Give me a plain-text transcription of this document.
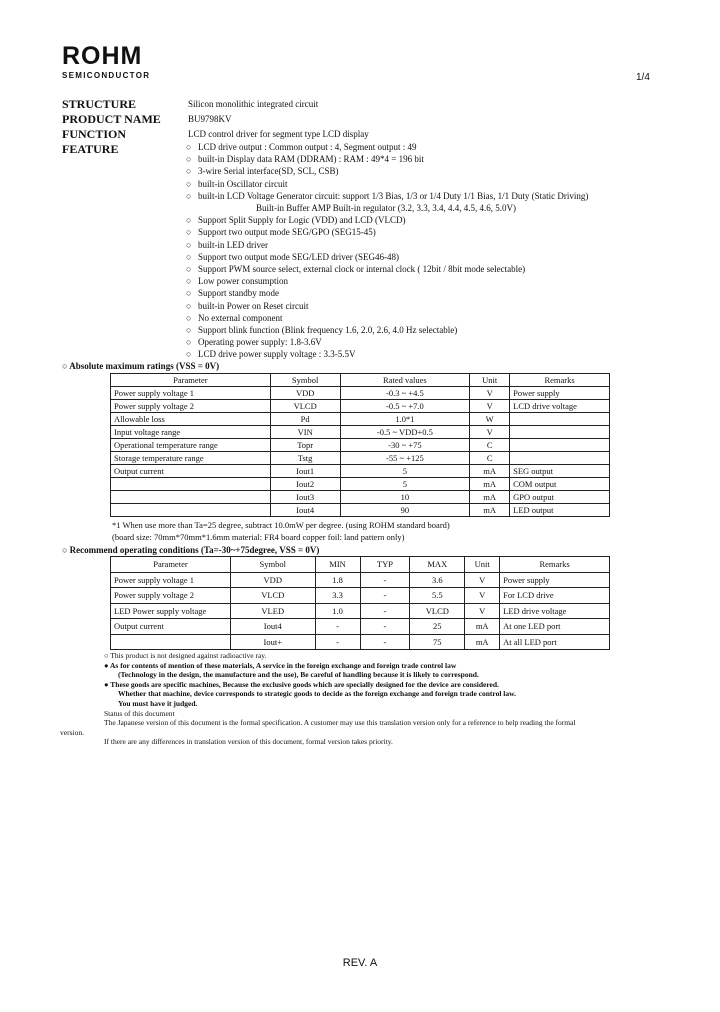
ROHM
SEMICONDUCTOR	1/4
STRUCTURE	Silicon monolithic integrated circuit
PRODUCT NAME	BU9798KV
FUNCTION	LCD control driver for segment type LCD display
FEATURE	○ LCD drive output : Common output : 4, Segment output : 49
○ built-in Display data RAM (DDRAM) : RAM : 49*4 = 196 bit
○ 3-wire Serial interface(SD, SCL, CSB)
○ built-in Oscillator circuit
○ built-in LCD Voltage Generator circuit: support 1/3 Bias, 1/3 or 1/4 Duty 1/1 Bias, 1/1 Duty (Static Driving)
Built-in Buffer AMP Built-in regulator (3.2, 3.3, 3.4, 4.4, 4.5, 4.6, 5.0V)
○ Support Split Supply for Logic (VDD) and LCD (VLCD)
○ Support two output mode SEG/GPO (SEG15-45)
○ built-in LED driver
○ Support two output mode SEG/LED driver (SEG46-48)
○ Support PWM source select, external clock or internal clock ( 12bit / 8bit mode selectable)
○ Low power consumption
○ Support standby mode
○ built-in Power on Reset circuit
○ No external component
○ Support blink function (Blink frequency 1.6, 2.0, 2.6, 4.0 Hz selectable)
○ Operating power supply: 1.8-3.6V
○ LCD drive power supply voltage : 3.3-5.5V
○ Absolute maximum ratings (VSS = 0V)
Parameter	Symbol	Rated values	Unit	Remarks
Power supply voltage 1	VDD	-0.3 ~ +4.5	V	Power supply
Power supply voltage 2	VLCD	-0.5 ~ +7.0	V	LCD drive voltage
Allowable loss	Pd	1.0*1	W	
Input voltage range	VIN	-0.5 ~ VDD+0.5	V	
Operational temperature range	Topr	-30 ~ +75	C	
Storage temperature range	Tstg	-55 ~ +125	C	
Output current	Iout1	5	mA	SEG output
	Iout2	5	mA	COM output
	Iout3	10	mA	GPO output
	Iout4	90	mA	LED output
*1 When use more than Ta=25 degree, subtract 10.0mW per degree. (using ROHM standard board)
(board size: 70mm*70mm*1.6mm material: FR4 board copper foil: land pattern only)
○ Recommend operating conditions (Ta=-30~+75degree, VSS = 0V)
Parameter	Symbol	MIN	TYP	MAX	Unit	Remarks
Power supply voltage 1	VDD	1.8	-	3.6	V	Power supply
Power supply voltage 2	VLCD	3.3	-	5.5	V	For LCD drive
LED Power supply voltage	VLED	1.0	-	VLCD	V	LED drive voltage
Output current	Iout4	-	-	25	mA	At one LED port
	Iout+	-	-	75	mA	At all LED port
○ This product is not designed against radioactive ray.
● As for contents of mention of these materials, A service in the foreign exchange and foreign trade control law
(Technology in the design, the manufacture and the use), Be careful of handling because it is likely to correspond.
● These goods are specific machines, Because the exclusive goods which are specially designed for the device are considered.
Whether that machine, device corresponds to strategic goods to decide as the foreign exchange and foreign trade control law.
You must have it judged.
Status of this document
The Japanese version of this document is the formal specification. A customer may use this translation version only for a reference to help reading the formal
version.
If there are any differences in translation version of this document, formal version takes priority.
REV. A
